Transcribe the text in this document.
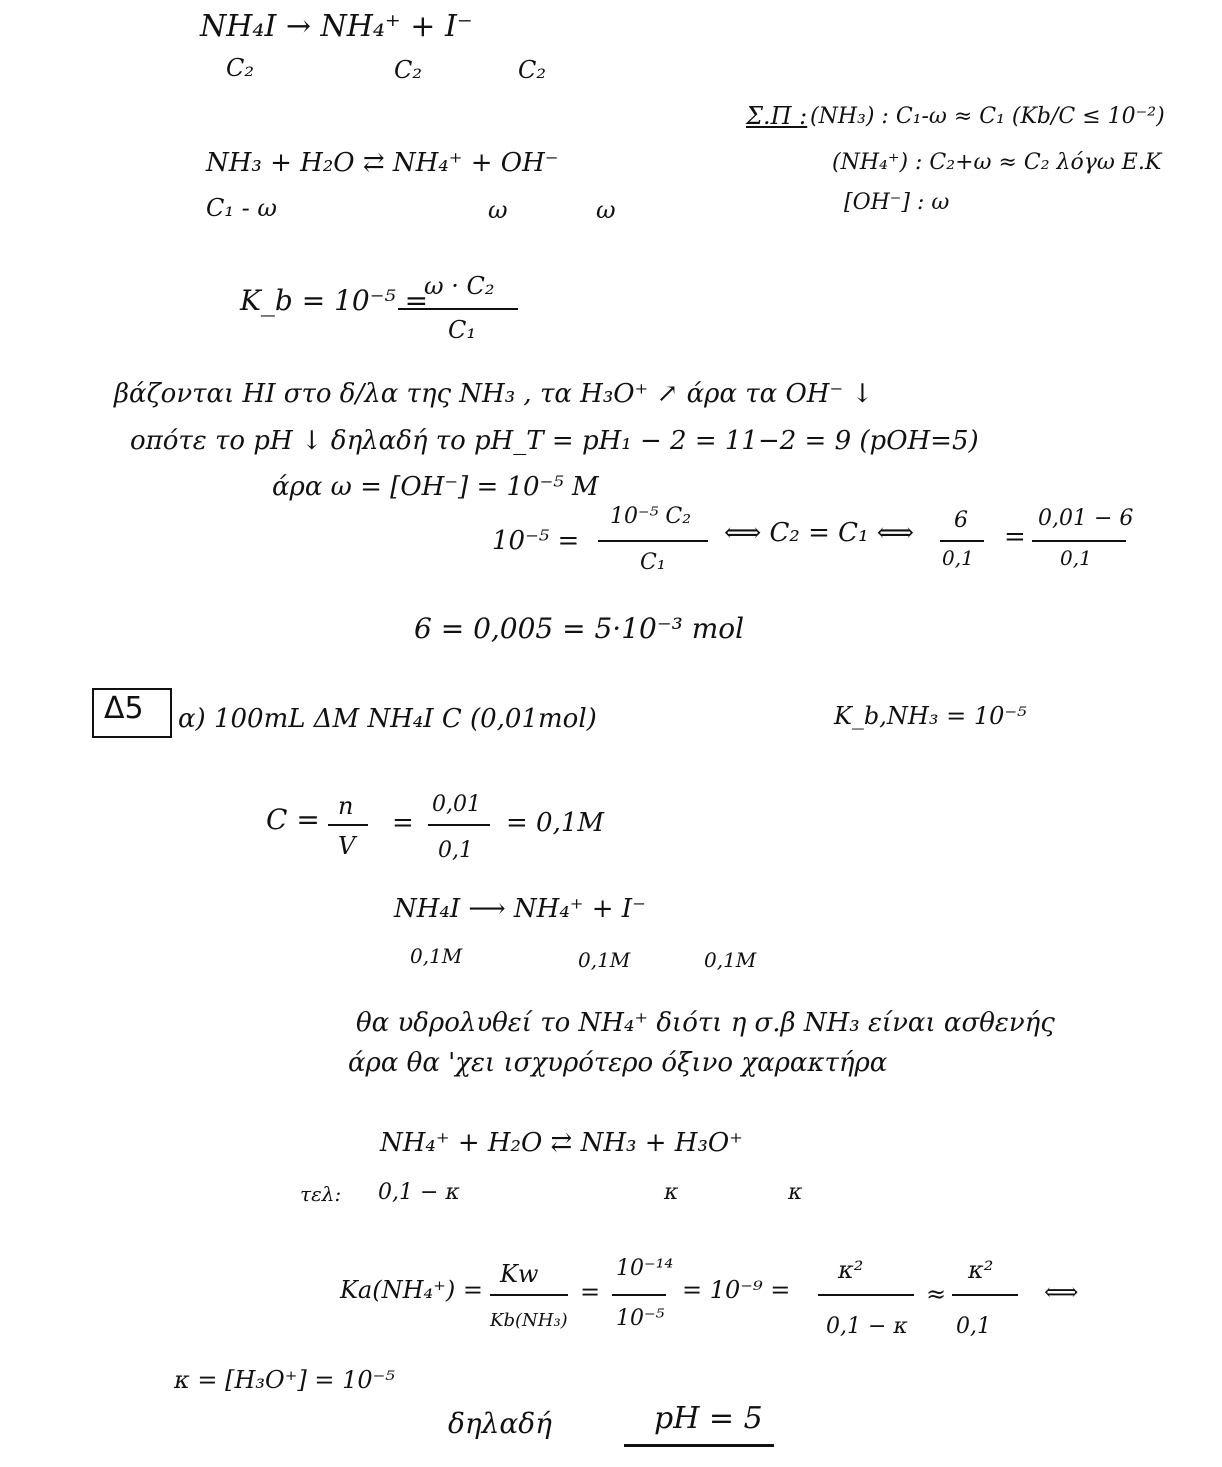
NH₄I → NH₄⁺ + I⁻
C₂	C₂	C₂
Σ.Π : (NH₃) : C₁-ω ≈ C₁ (Kb/C ≤ 10⁻²)
(NH₄⁺) : C₂+ω ≈ C₂ λόγω Ε.Κ
[OH⁻] : ω
NH₃ + H₂O ⇄ NH₄⁺ + OH⁻
C₁ - ω	ω	ω
K_b = 10⁻⁵ =
ω · C₂
C₁
βάζονται HI στο δ/λα της NH₃ , τα H₃O⁺ ↗ άρα τα OH⁻ ↓
οπότε το pH ↓ δηλαδή το pH_T = pH₁ − 2 = 11−2 = 9 (pOH=5)
άρα ω = [OH⁻] = 10⁻⁵ M
10⁻⁵ =
10⁻⁵ C₂
C₁
⟺ C₂ = C₁ ⟺ 6
0,1
=
0,01 − 6
0,1
6 = 0,005 = 5·10⁻³ mol
Δ5 α) 100mL ΔΜ NH₄I C (0,01mol)	K_b,NH₃ = 10⁻⁵
C = n
V
=
0,01
0,1
= 0,1M
NH₄I ⟶ NH₄⁺ + I⁻
0,1M	0,1M	0,1M
θα υδρολυθεί το NH₄⁺ διότι η σ.β NH₃ είναι ασθενής
άρα θα 'χει ισχυρότερο όξινο χαρακτήρα
NH₄⁺ + H₂O ⇄ NH₃ + H₃O⁺
τελ: 0,1 − κ	κ	κ
Ka(NH₄⁺) =
Kw
Kb(NH₃)
=
10⁻¹⁴
10⁻⁵
= 10⁻⁹ =
κ²
0,1 − κ
≈
κ²
0,1
⟺
κ = [H₃O⁺] = 10⁻⁵
δηλαδή	pH = 5
